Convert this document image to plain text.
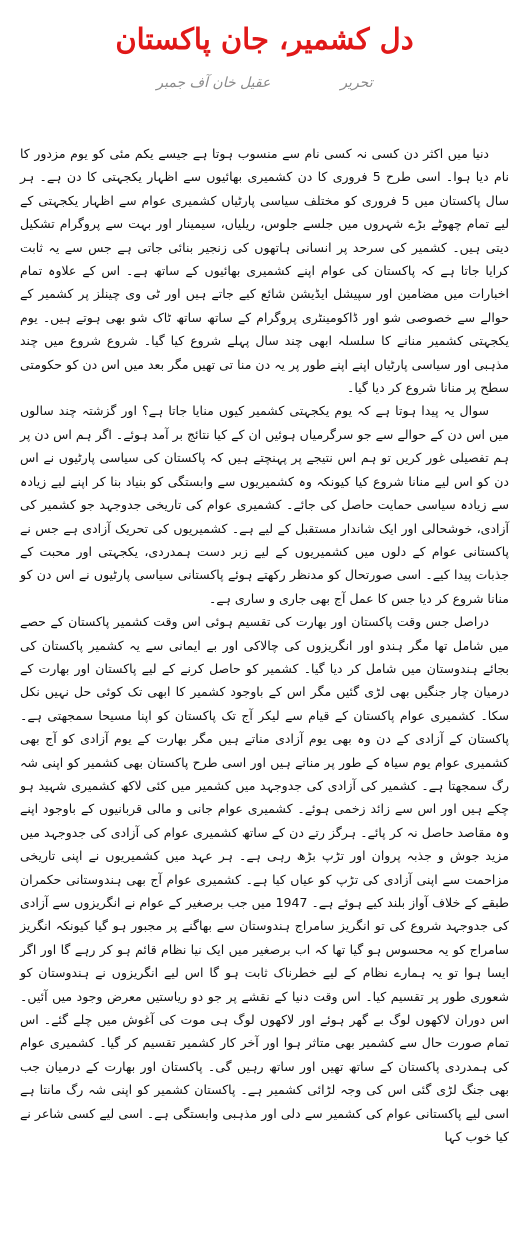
دل کشمیر، جان پاکستان
تحریر
عقیل خان آف جمبر

دنیا میں اکثر دن کسی نہ کسی نام سے منسوب ہوتا ہے جیسے یکم مئی کو یوم مزدور کا نام دیا ہوا۔ اسی طرح 5 فروری کا دن کشمیری بھائیوں سے اظہار یکجہتی کا دن ہے۔ ہر سال پاکستان میں 5 فروری کو مختلف سیاسی پارٹیاں کشمیری عوام سے اظہار یکجہتی کے لیے تمام چھوٹے بڑے شہروں میں جلسے جلوس، ریلیاں، سیمینار اور بہت سے پروگرام تشکیل دیتی ہیں۔ کشمیر کی سرحد پر انسانی ہاتھوں کی زنجیر بنائی جاتی ہے جس سے یہ ثابت کرایا جاتا ہے کہ پاکستان کی عوام اپنے کشمیری بھائیوں کے ساتھ ہے۔ اس کے علاوہ تمام اخبارات میں مضامین اور سپیشل ایڈیشن شائع کیے جاتے ہیں اور ٹی وی چینلز پر کشمیر کے حوالے سے خصوصی شو اور ڈاکومینٹری پروگرام کے ساتھ ساتھ ٹاک شو بھی ہوتے ہیں۔ یوم یکجہتی کشمیر منانے کا سلسلہ ابھی چند سال پہلے شروع کیا گیا۔ شروع شروع میں چند مذہبی اور سیاسی پارٹیاں اپنے اپنے طور پر یہ دن منا تی تھیں مگر بعد میں اس دن کو حکومتی سطح پر منانا شروع کر دیا گیا۔

سوال یہ پیدا ہوتا ہے کہ یوم یکجہتی کشمیر کیوں منایا جاتا ہے؟ اور گزشتہ چند سالوں میں اس دن کے حوالے سے جو سرگرمیاں ہوئیں ان کے کیا نتائج بر آمد ہوئے۔ اگر ہم اس دن پر ہم تفصیلی غور کریں تو ہم اس نتیجے پر پہنچتے ہیں کہ پاکستان کی سیاسی پارٹیوں نے اس دن کو اس لیے منانا شروع کیا کیونکہ وہ کشمیریوں سے وابستگی کو بنیاد بنا کر اپنے لیے زیادہ سے زیادہ سیاسی حمایت حاصل کی جائے۔ کشمیری عوام کی تاریخی جدوجہد جو کشمیر کی آزادی، خوشحالی اور ایک شاندار مستقبل کے لیے ہے۔ کشمیریوں کی تحریک آزادی ہے جس نے پاکستانی عوام کے دلوں میں کشمیریوں کے لیے زبر دست ہمدردی، یکجہتی اور محبت کے جذبات پیدا کیے۔ اسی صورتحال کو مدنظر رکھتے ہوئے پاکستانی سیاسی پارٹیوں نے اس دن کو منانا شروع کر دیا جس کا عمل آج بھی جاری و ساری ہے۔

دراصل جس وقت پاکستان اور بھارت کی تقسیم ہوئی اس وقت کشمیر پاکستان کے حصے میں شامل تھا مگر ہندو اور انگریزوں کی چالاکی اور بے ایمانی سے یہ کشمیر پاکستان کی بجائے ہندوستان میں شامل کر دیا گیا۔ کشمیر کو حاصل کرنے کے لیے پاکستان اور بھارت کے درمیان چار جنگیں بھی لڑی گئیں مگر اس کے باوجود کشمیر کا ابھی تک کوئی حل نہیں نکل سکا۔ کشمیری عوام پاکستان کے قیام سے لیکر آج تک پاکستان کو اپنا مسیحا سمجھتی ہے۔ پاکستان کے آزادی کے دن وہ بھی یوم آزادی مناتے ہیں مگر بھارت کے یوم آزادی کو آج بھی کشمیری عوام یوم سیاہ کے طور پر مناتے ہیں اور اسی طرح پاکستان بھی کشمیر کو اپنی شہ رگ سمجھتا ہے۔ کشمیر کی آزادی کی جدوجہد میں کشمیر میں کئی لاکھ کشمیری شہید ہو چکے ہیں اور اس سے زائد زخمی ہوئے۔ کشمیری عوام جانی و مالی قربانیوں کے باوجود اپنے وہ مقاصد حاصل نہ کر پائے۔ ہرگز رتے دن کے ساتھ کشمیری عوام کی آزادی کی جدوجہد میں مزید جوش و جذبہ پروان اور تڑپ بڑھ رہی ہے۔ ہر عہد میں کشمیریوں نے اپنی تاریخی مزاحمت سے اپنی آزادی کی تڑپ کو عیاں کیا ہے۔ کشمیری عوام آج بھی ہندوستانی حکمران طبقے کے خلاف آواز بلند کیے ہوئے ہے۔ 1947 میں جب برصغیر کے عوام نے انگریزوں سے آزادی کی جدوجہد شروع کی تو انگریز سامراج ہندوستان سے بھاگنے پر مجبور ہو گیا کیونکہ انگریز سامراج کو یہ محسوس ہو گیا تھا کہ اب برصغیر میں ایک نیا نظام قائم ہو کر رہے گا اور اگر ایسا ہوا تو یہ ہمارے نظام کے لیے خطرناک ثابت ہو گا اس لیے انگریزوں نے ہندوستان کو شعوری طور پر تقسیم کیا۔ اس وقت دنیا کے نقشے پر جو دو ریاستیں معرض وجود میں آئیں۔ اس دوران لاکھوں لوگ بے گھر ہوئے اور لاکھوں لوگ ہی موت کی آغوش میں چلے گئے۔ اس تمام صورت حال سے کشمیر بھی متاثر ہوا اور آخر کار کشمیر تقسیم کر گیا۔ کشمیری عوام کی ہمدردی پاکستان کے ساتھ تھیں اور ساتھ رہیں گی۔ پاکستان اور بھارت کے درمیان جب بھی جنگ لڑی گئی اس کی وجہ لڑائی کشمیر ہے۔ پاکستان کشمیر کو اپنی شہ رگ مانتا ہے اسی لیے پاکستانی عوام کی کشمیر سے دلی اور مذہبی وابستگی ہے۔ اسی لیے کسی شاعر نے کیا خوب کہا
